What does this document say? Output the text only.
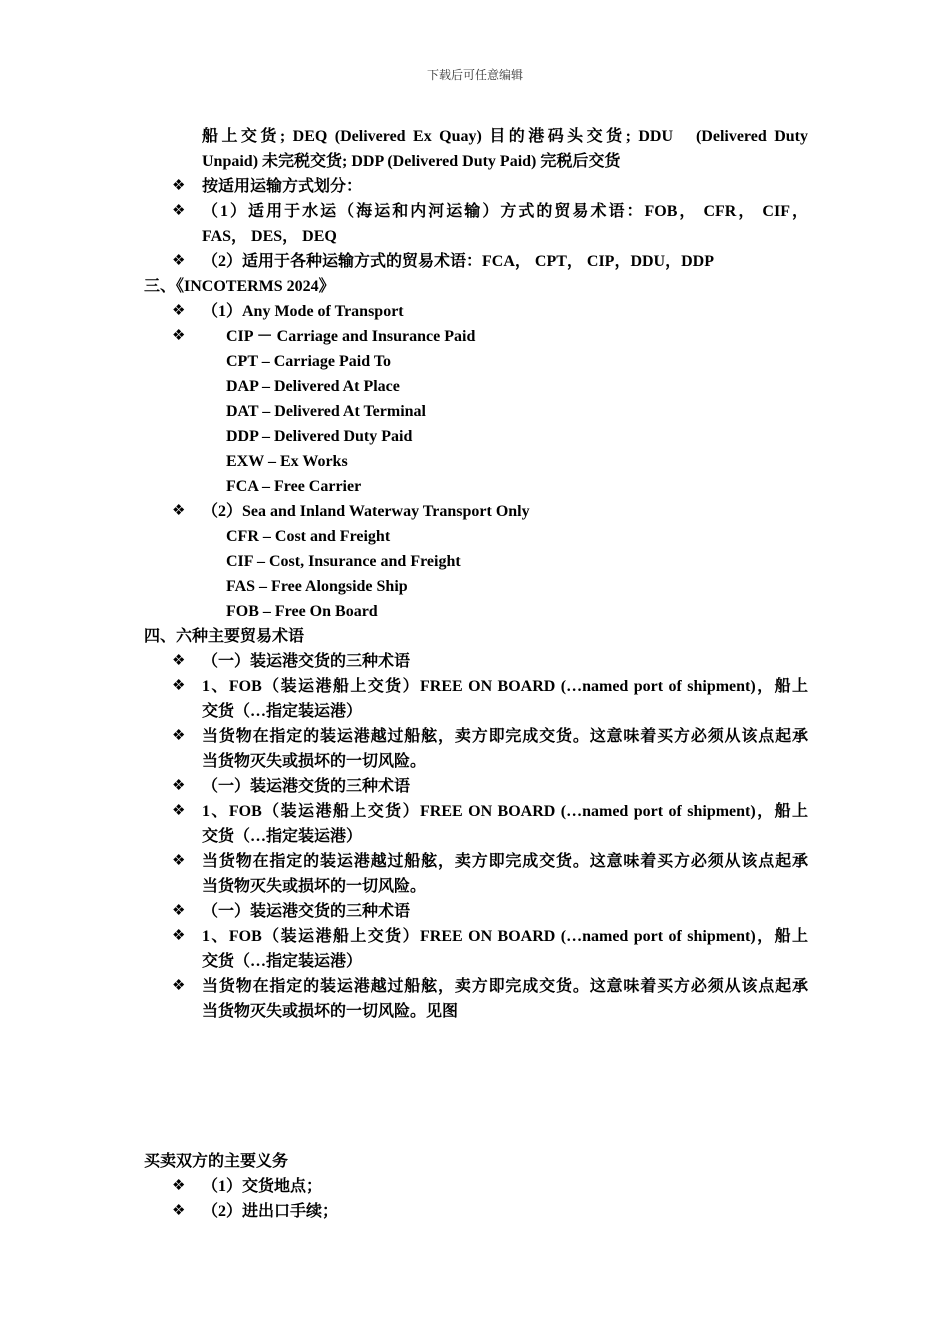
下载后可任意编辑
船上交货; DEQ (Delivered Ex Quay) 目的港码头交货; DDU　(Delivered Duty
Unpaid) 未完税交货; DDP (Delivered Duty Paid) 完税后交货
❖ 按适用运输方式划分：
❖ （1）适用于水运（海运和内河运输）方式的贸易术语：FOB， CFR， CIF，
FAS， DES， DEQ
❖ （2）适用于各种运输方式的贸易术语：FCA， CPT， CIP，DDU，DDP
三、《INCOTERMS 2024》
❖ （1）Any Mode of Transport
❖	CIP － Carriage and Insurance Paid
CPT – Carriage Paid To
DAP – Delivered At Place
DAT – Delivered At Terminal
DDP – Delivered Duty Paid
EXW – Ex Works
FCA – Free Carrier
❖ （2）Sea and Inland Waterway Transport Only
CFR – Cost and Freight
CIF – Cost, Insurance and Freight
FAS – Free Alongside Ship
FOB – Free On Board
四、六种主要贸易术语
❖ （一）装运港交货的三种术语
❖ 1、FOB（装运港船上交货）FREE ON BOARD (…named port of shipment)，船上
交货（…指定装运港）
❖ 当货物在指定的装运港越过船舷，卖方即完成交货。这意味着买方必须从该点起承
当货物灭失或损坏的一切风险。
❖ （一）装运港交货的三种术语
❖ 1、FOB（装运港船上交货）FREE ON BOARD (…named port of shipment)，船上
交货（…指定装运港）
❖ 当货物在指定的装运港越过船舷，卖方即完成交货。这意味着买方必须从该点起承
当货物灭失或损坏的一切风险。
❖ （一）装运港交货的三种术语
❖ 1、FOB（装运港船上交货）FREE ON BOARD (…named port of shipment)，船上
交货（…指定装运港）
❖ 当货物在指定的装运港越过船舷，卖方即完成交货。这意味着买方必须从该点起承
当货物灭失或损坏的一切风险。见图
买卖双方的主要义务
❖ （1）交货地点；
❖ （2）进出口手续；
